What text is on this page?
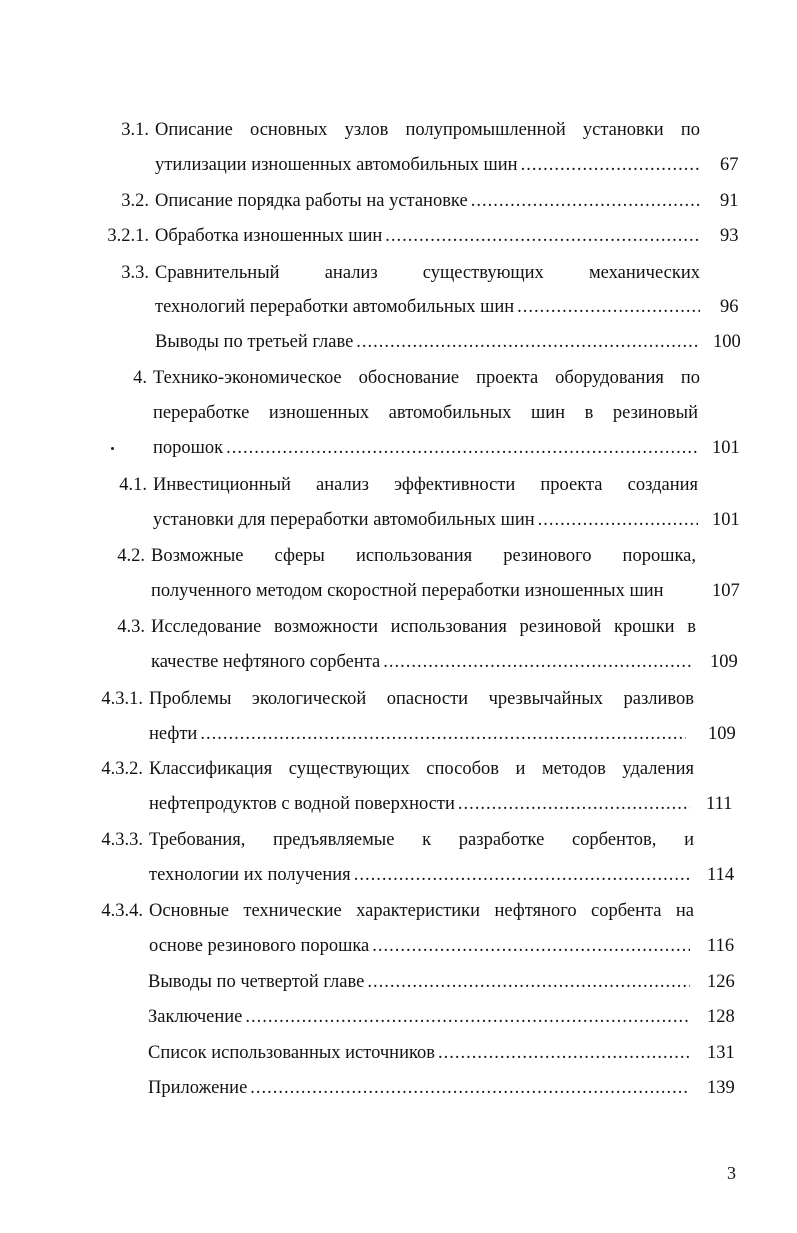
3.1. Описание основных узлов полупромышленной установки по
утилизации изношенных автомобильных шин .....	67
3.2. Описание порядка работы на установке .....	91
3.2.1. Обработка изношенных шин .....	93
3.3. Сравнительный анализ существующих механических
технологий переработки автомобильных шин .....	96
Выводы по третьей главе .....	100
4. Технико-экономическое обоснование проекта оборудования по
переработке изношенных автомобильных шин в резиновый
порошок .....	101
4.1. Инвестиционный анализ эффективности проекта создания
установки для переработки автомобильных шин .....	101
4.2. Возможные сферы использования резинового порошка,
полученного методом скоростной переработки изношенных шин	107
4.3. Исследование возможности использования резиновой крошки в
качестве нефтяного сорбента .....	109
4.3.1. Проблемы экологической опасности чрезвычайных разливов
нефти .....	109
4.3.2. Классификация существующих способов и методов удаления
нефтепродуктов с водной поверхности .....	111
4.3.3. Требования, предъявляемые к разработке сорбентов, и
технологии их получения .....	114
4.3.4. Основные технические характеристики нефтяного сорбента на
основе резинового порошка .....	116
Выводы по четвертой главе .....	126
Заключение .....	128
Список использованных источников .....	131
Приложение .....	139
3
